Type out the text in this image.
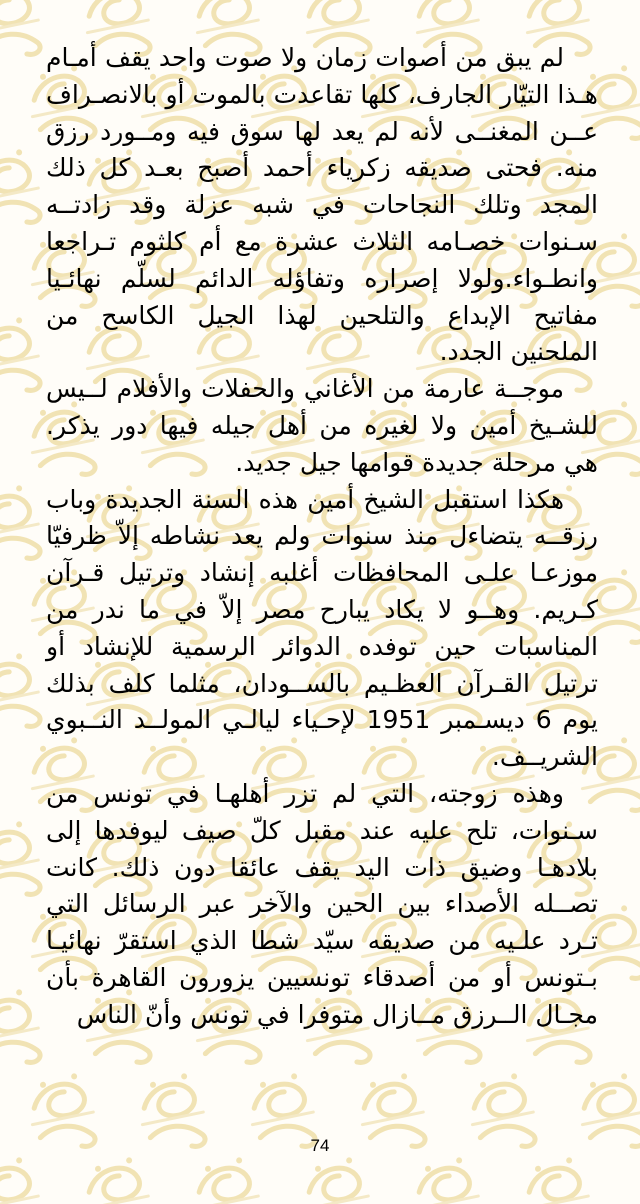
لم يبق من أصوات زمان ولا صوت واحد يقف أمـام هـذا التيّار الجارف، كلها تقاعدت بالموت أو بالانصـراف عــن المغنــى لأنه لم يعد لها سوق فيه ومــورد رزق منه. فحتى صديقه زكرياء أحمد أصبح بعـد كل ذلك المجد وتلك النجاحات في شبه عزلة وقد زادتــه سـنوات خصـامه الثلاث عشرة مع أم كلثوم تـراجعا وانطـواء.ولولا إصراره وتفاؤله الدائم لسلّم نهائـيا مفاتيح الإبداع والتلحين لهذا الجيل الكاسح من الملحنين الجدد.

موجــة عارمة من الأغاني والحفلات والأفلام لــيس للشـيخ أمين ولا لغيره من أهل جيله فيها دور يذكر. هي مرحلة جديدة قوامها جيل جديد.

هكذا استقبل الشيخ أمين هذه السنة الجديدة وباب رزقــه يتضاءل منذ سنوات ولم يعد نشاطه إلاّ ظرفيّا موزعـا علـى المحافظات أغلبه إنشاد وترتيل قـرآن كـريم. وهــو لا يكاد يبارح مصر إلاّ في ما ندر من المناسبات حين توفده الدوائر الرسمية للإنشاد أو ترتيل القـرآن العظـيم بالســودان، مثلما كلف بذلك يوم 6 ديسـمبر 1951 لإحـياء ليالـي المولــد النــبوي الشريــف.

وهذه زوجته، التي لم تزر أهلهـا في تونس من سـنوات، تلح عليه عند مقبل كلّ صيف ليوفدها إلى بلادهـا وضيق ذات اليد يقف عائقا دون ذلك. كانت تصــله الأصداء بين الحين والآخر عبر الرسائل التي تـرد علـيه من صديقه سيّد شطا الذي استقرّ نهائيـا بـتونس أو من أصدقاء تونسيين يزورون القاهرة بأن مجـال الــرزق مــازال متوفرا في تونس وأنّ الناس

74
